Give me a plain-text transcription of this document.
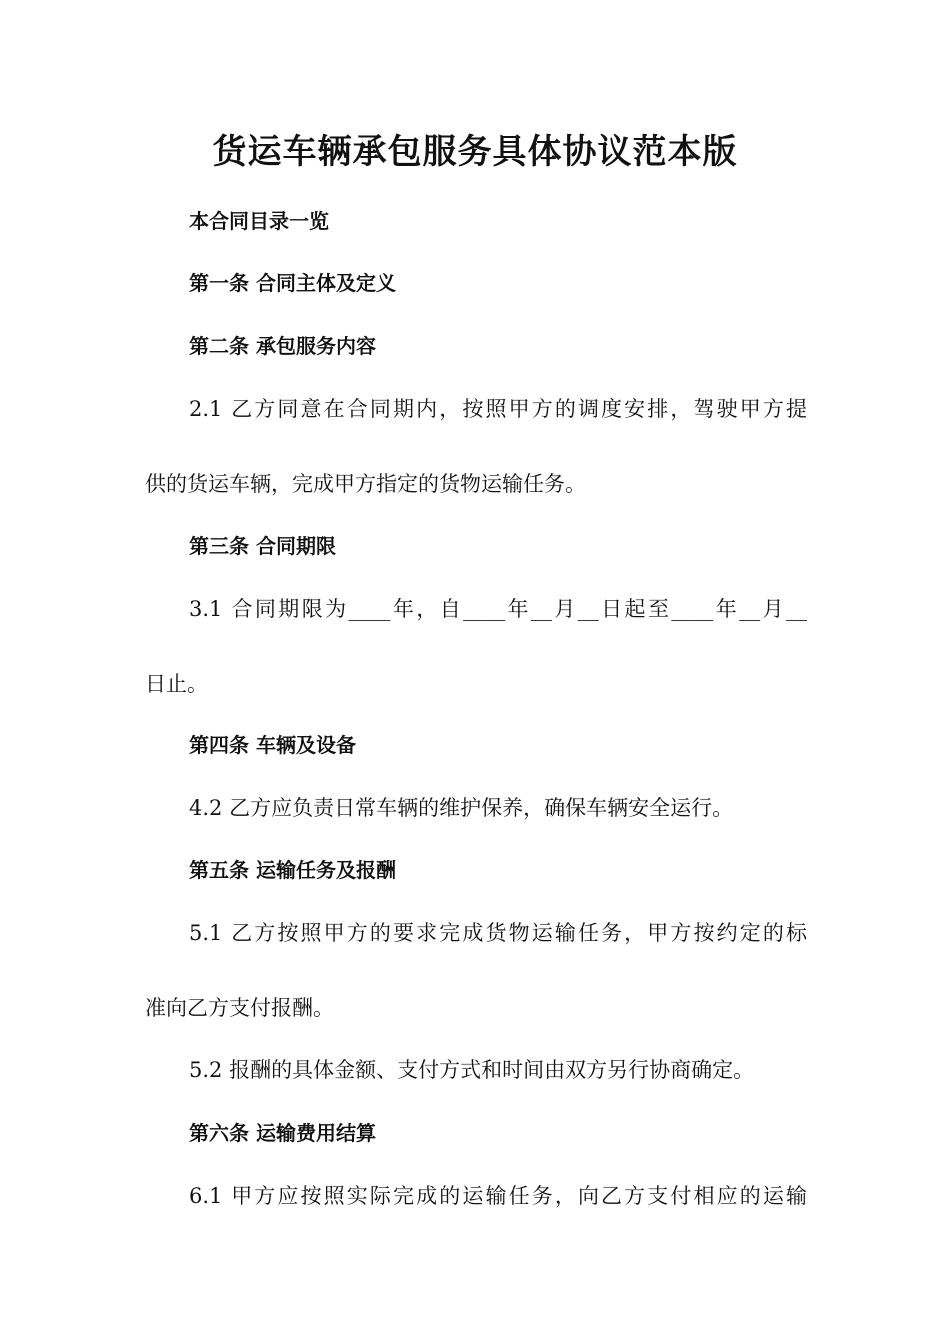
货运车辆承包服务具体协议范本版
本合同目录一览
第一条 合同主体及定义
第二条 承包服务内容
2.1 乙方同意在合同期内，按照甲方的调度安排，驾驶甲方提
供的货运车辆，完成甲方指定的货物运输任务。
第三条 合同期限
3.1 合同期限为____年，自____年__月__日起至____年__月__
日止。
第四条 车辆及设备
4.2 乙方应负责日常车辆的维护保养，确保车辆安全运行。
第五条 运输任务及报酬
5.1 乙方按照甲方的要求完成货物运输任务，甲方按约定的标
准向乙方支付报酬。
5.2 报酬的具体金额、支付方式和时间由双方另行协商确定。
第六条 运输费用结算
6.1 甲方应按照实际完成的运输任务，向乙方支付相应的运输
